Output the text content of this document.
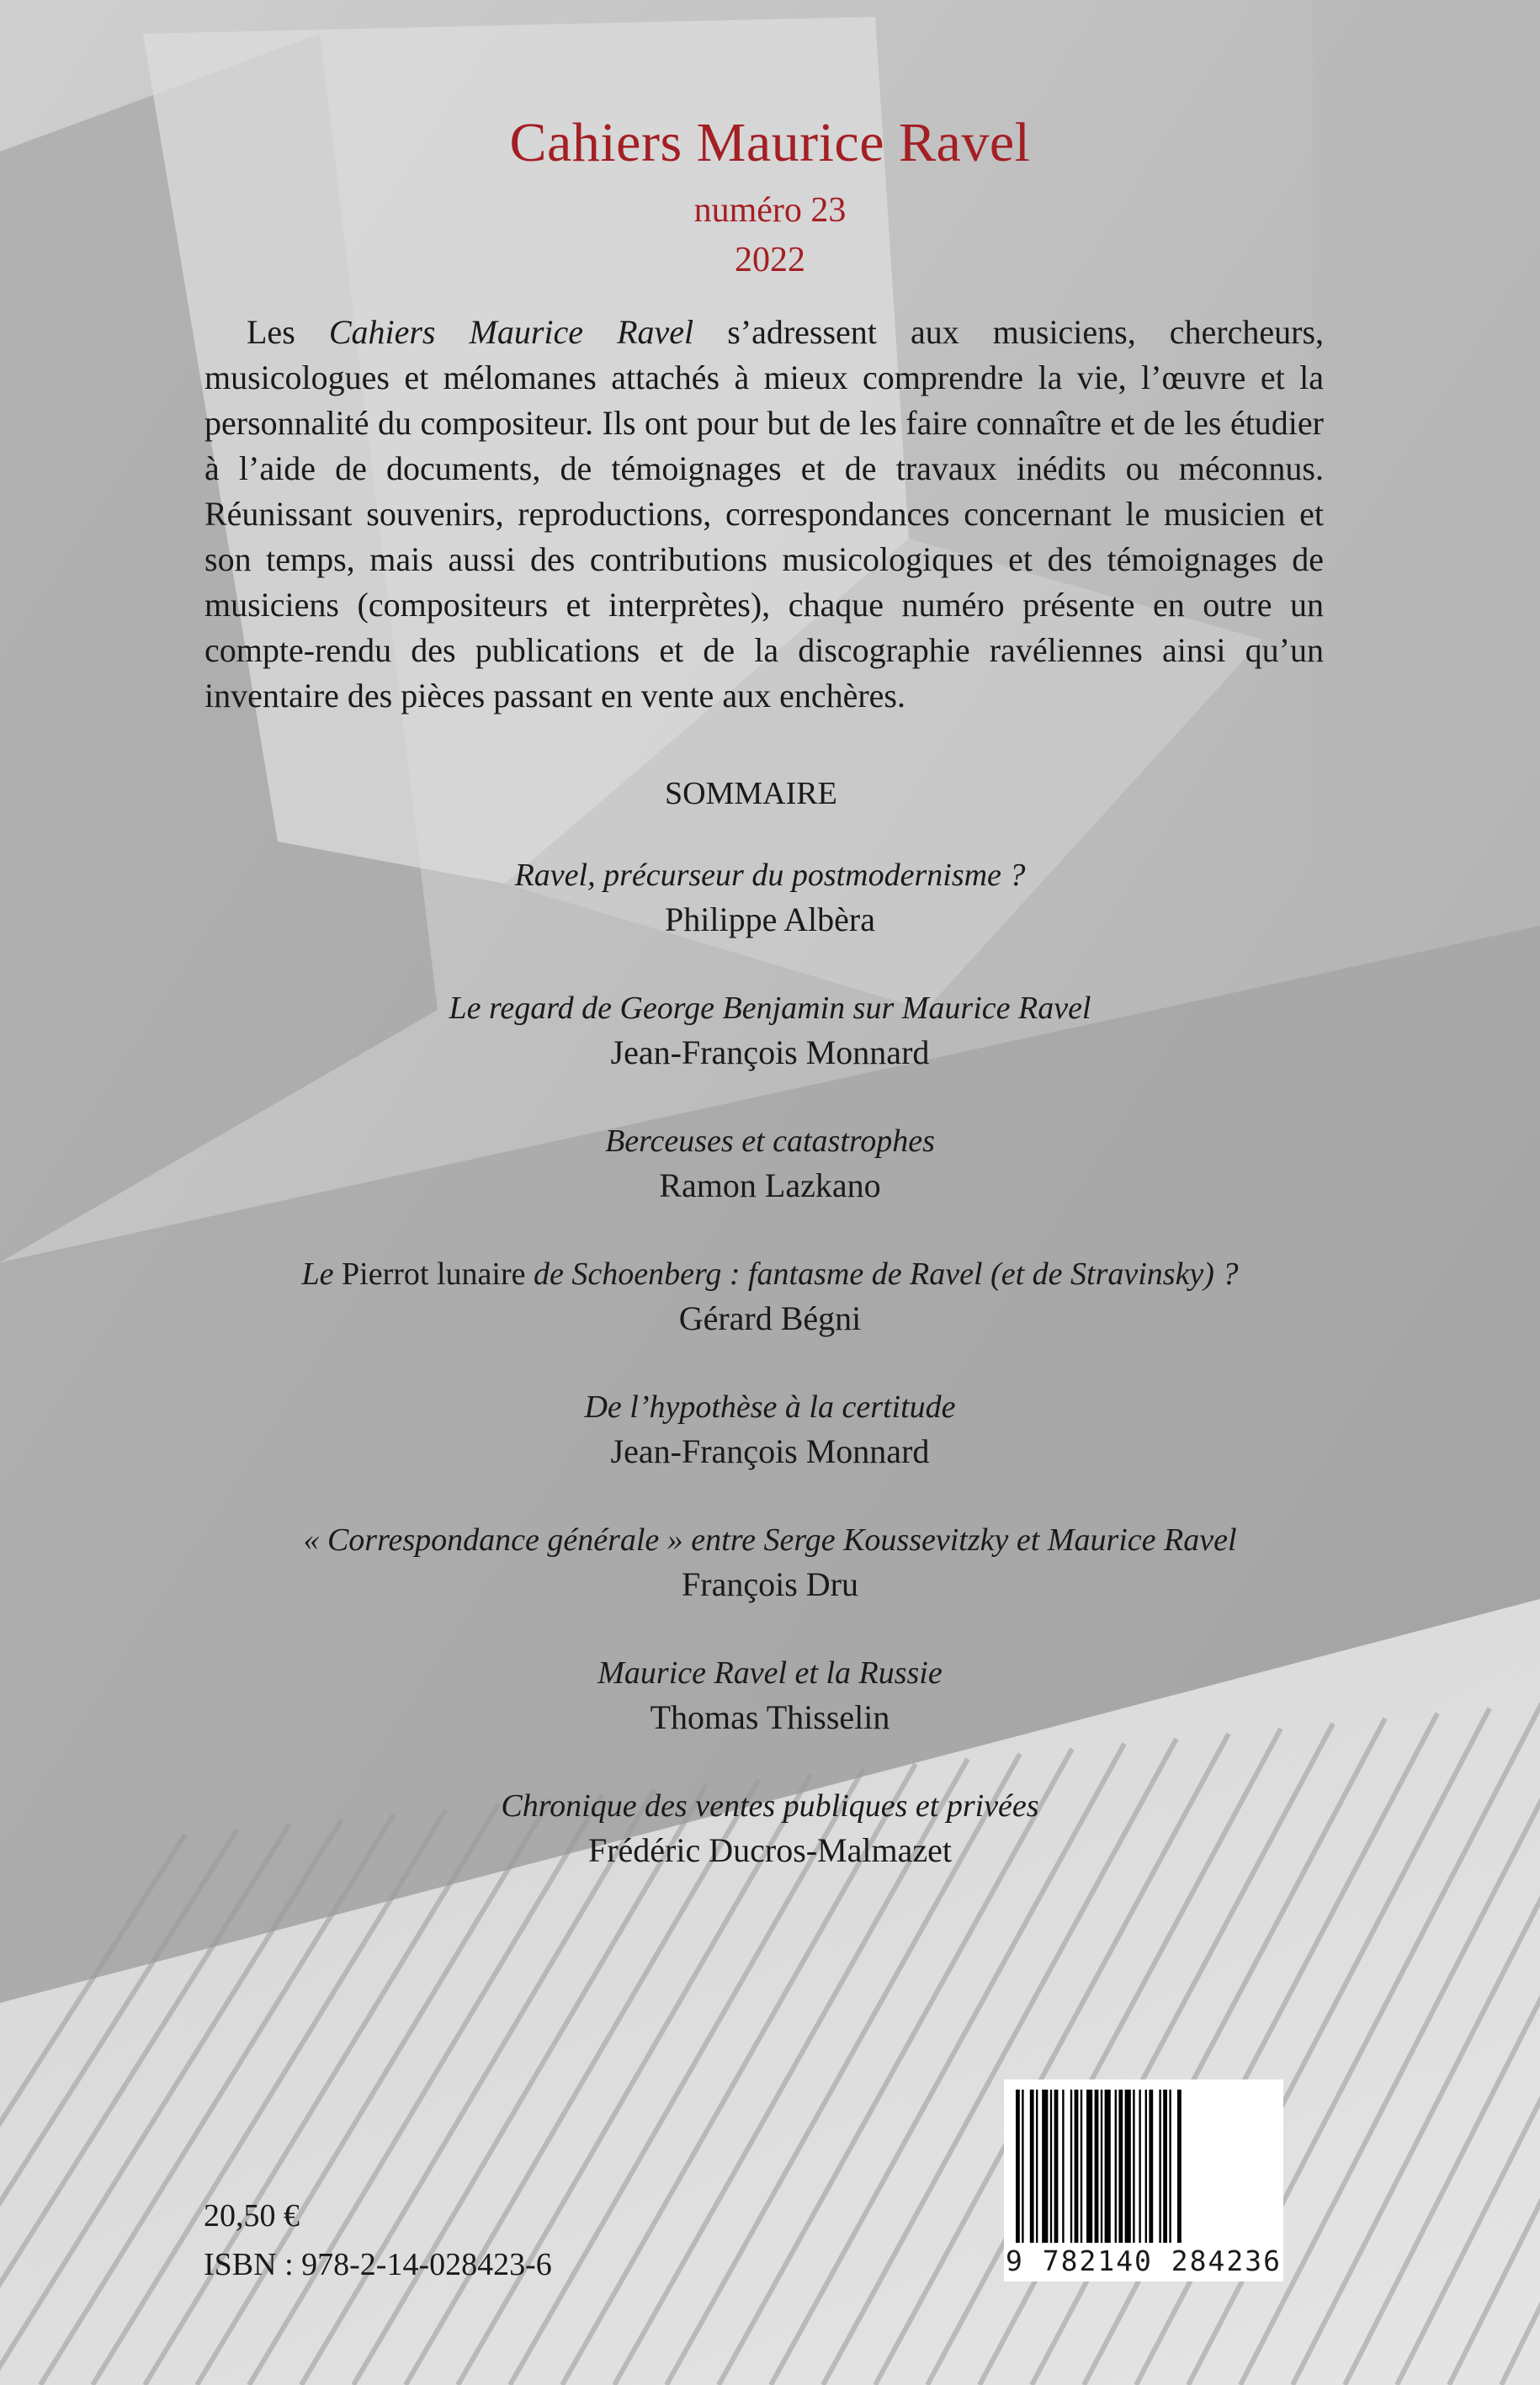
Cahiers Maurice Ravel
numéro 23
2022

Les Cahiers Maurice Ravel s’adressent aux musiciens, chercheurs, musicologues et mélomanes attachés à mieux comprendre la vie, l’œuvre et la personnalité du compositeur. Ils ont pour but de les faire connaître et de les étudier à l’aide de documents, de témoignages et de travaux inédits ou méconnus. Réunissant souvenirs, reproductions, correspondances concernant le musicien et son temps, mais aussi des contributions musicologiques et des témoignages de musiciens (compositeurs et interprètes), chaque numéro présente en outre un compte-rendu des publications et de la discographie ravéliennes ainsi qu’un inventaire des pièces passant en vente aux enchères.

SOMMAIRE
Ravel, précurseur du postmodernisme ?
Philippe Albèra
Le regard de George Benjamin sur Maurice Ravel
Jean-François Monnard
Berceuses et catastrophes
Ramon Lazkano
Le Pierrot lunaire de Schoenberg : fantasme de Ravel (et de Stravinsky) ?
Gérard Bégni
De l’hypothèse à la certitude
Jean-François Monnard
« Correspondance générale » entre Serge Koussevitzky et Maurice Ravel
François Dru
Maurice Ravel et la Russie
Thomas Thisselin
Chronique des ventes publiques et privées
Frédéric Ducros-Malmazet
20,50 €
ISBN : 978-2-14-028423-6	9 782140 284236
